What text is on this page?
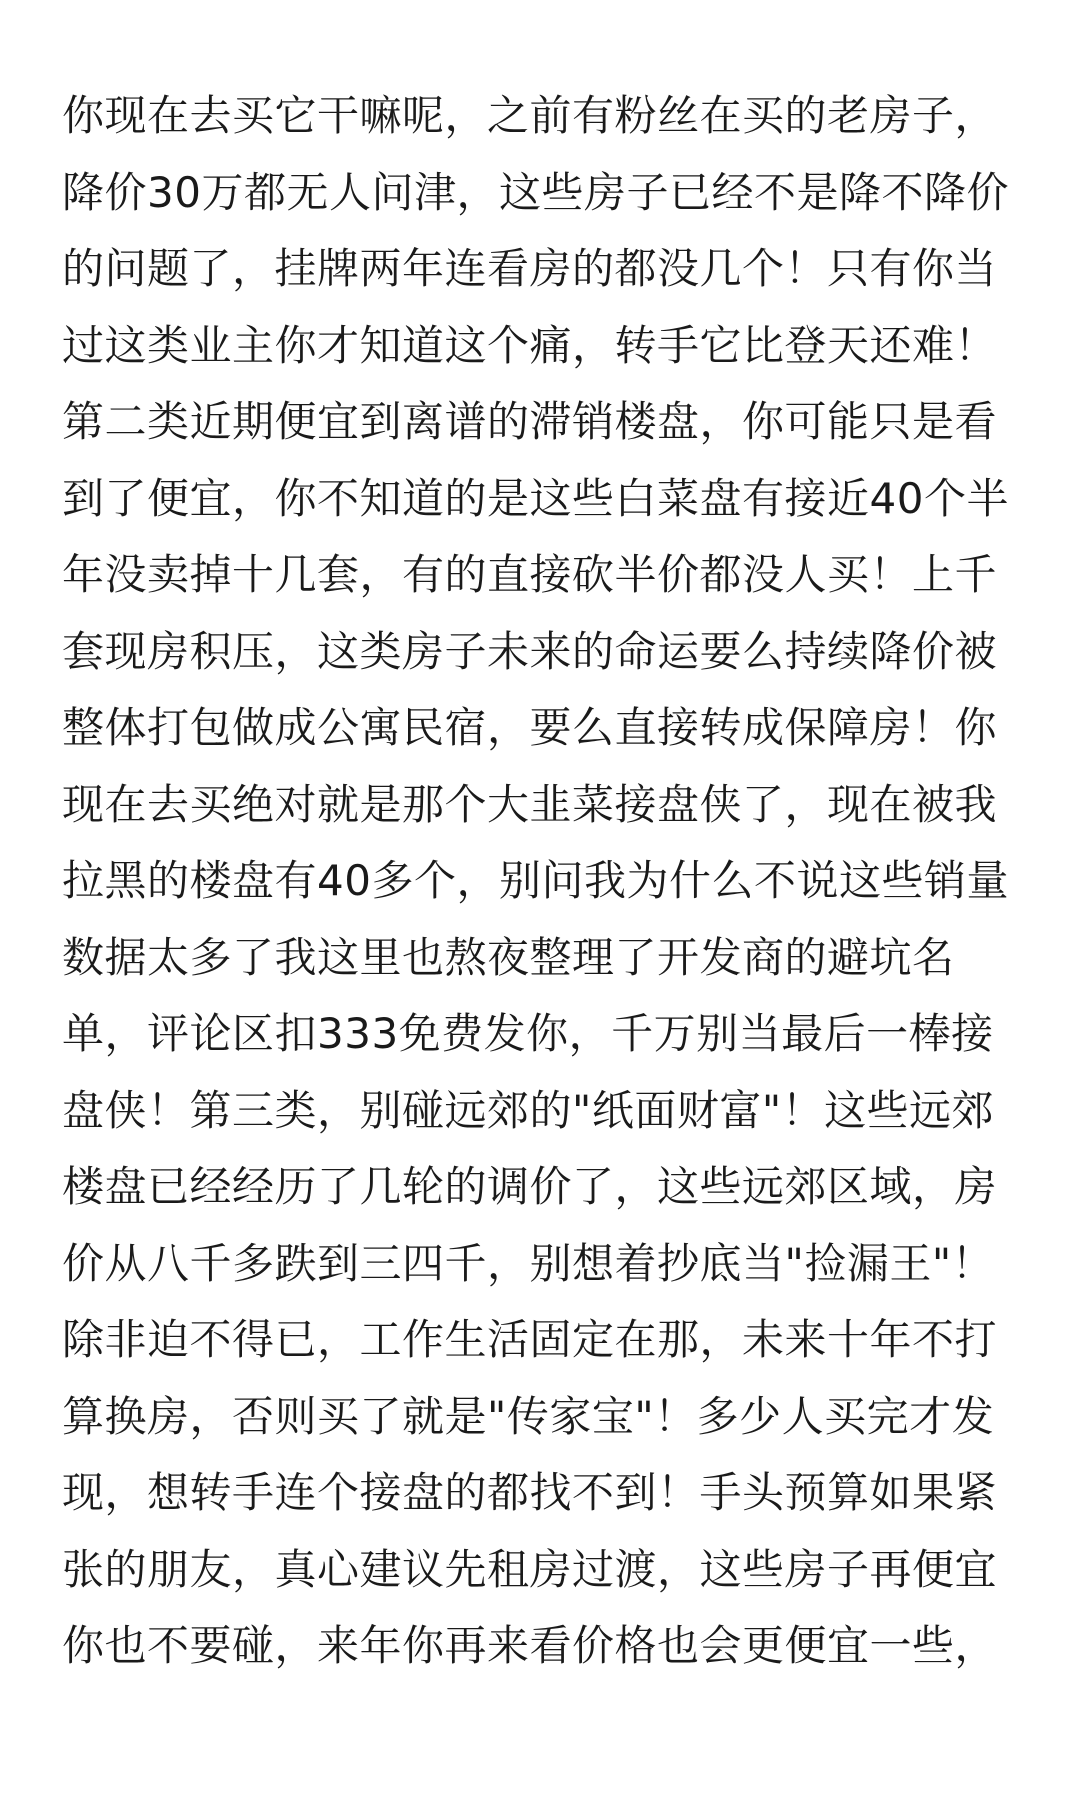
你现在去买它干嘛呢，之前有粉丝在买的老房子，
降价30万都无人问津，这些房子已经不是降不降价
的问题了，挂牌两年连看房的都没几个！只有你当
过这类业主你才知道这个痛，转手它比登天还难！
第二类近期便宜到离谱的滞销楼盘，你可能只是看
到了便宜，你不知道的是这些白菜盘有接近40个半
年没卖掉十几套，有的直接砍半价都没人买！上千
套现房积压，这类房子未来的命运要么持续降价被
整体打包做成公寓民宿，要么直接转成保障房！你
现在去买绝对就是那个大韭菜接盘侠了，现在被我
拉黑的楼盘有40多个，别问我为什么不说这些销量
数据太多了我这里也熬夜整理了开发商的避坑名
单，评论区扣333免费发你，千万别当最后一棒接
盘侠！第三类，别碰远郊的"纸面财富"！这些远郊
楼盘已经经历了几轮的调价了，这些远郊区域，房
价从八千多跌到三四千，别想着抄底当"捡漏王"！
除非迫不得已，工作生活固定在那，未来十年不打
算换房，否则买了就是"传家宝"！多少人买完才发
现，想转手连个接盘的都找不到！手头预算如果紧
张的朋友，真心建议先租房过渡，这些房子再便宜
你也不要碰，来年你再来看价格也会更便宜一些，
